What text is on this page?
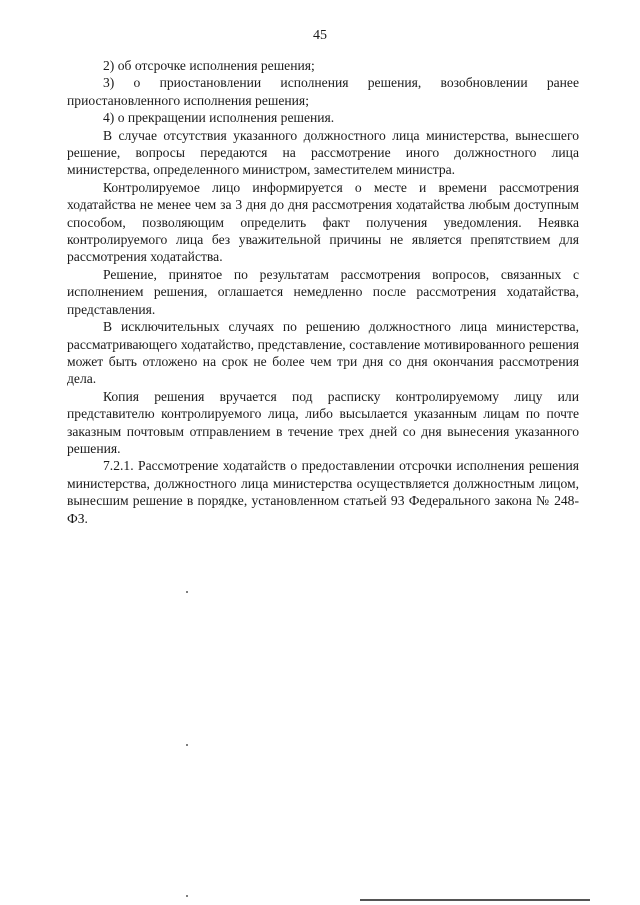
45

2) об отсрочке исполнения решения;

3) о приостановлении исполнения решения, возобновлении ранее приостановленного исполнения решения;

4) о прекращении исполнения решения.

В случае отсутствия указанного должностного лица министерства, вынесшего решение, вопросы передаются на рассмотрение иного должностного лица министерства, определенного министром, заместителем министра.

Контролируемое лицо информируется о месте и времени рассмотрения ходатайства не менее чем за 3 дня до дня рассмотрения ходатайства любым доступным способом, позволяющим определить факт получения уведомления. Неявка контролируемого лица без уважительной причины не является препятствием для рассмотрения ходатайства.

Решение, принятое по результатам рассмотрения вопросов, связанных с исполнением решения, оглашается немедленно после рассмотрения ходатайства, представления.

В исключительных случаях по решению должностного лица министерства, рассматривающего ходатайство, представление, составление мотивированного решения может быть отложено на срок не более чем три дня со дня окончания рассмотрения дела.

Копия решения вручается под расписку контролируемому лицу или представителю контролируемого лица, либо высылается указанным лицам по почте заказным почтовым отправлением в течение трех дней со дня вынесения указанного решения.

7.2.1. Рассмотрение ходатайств о предоставлении отсрочки исполнения решения министерства, должностного лица министерства осуществляется должностным лицом, вынесшим решение в порядке, установленном статьей 93 Федерального закона № 248-ФЗ.
